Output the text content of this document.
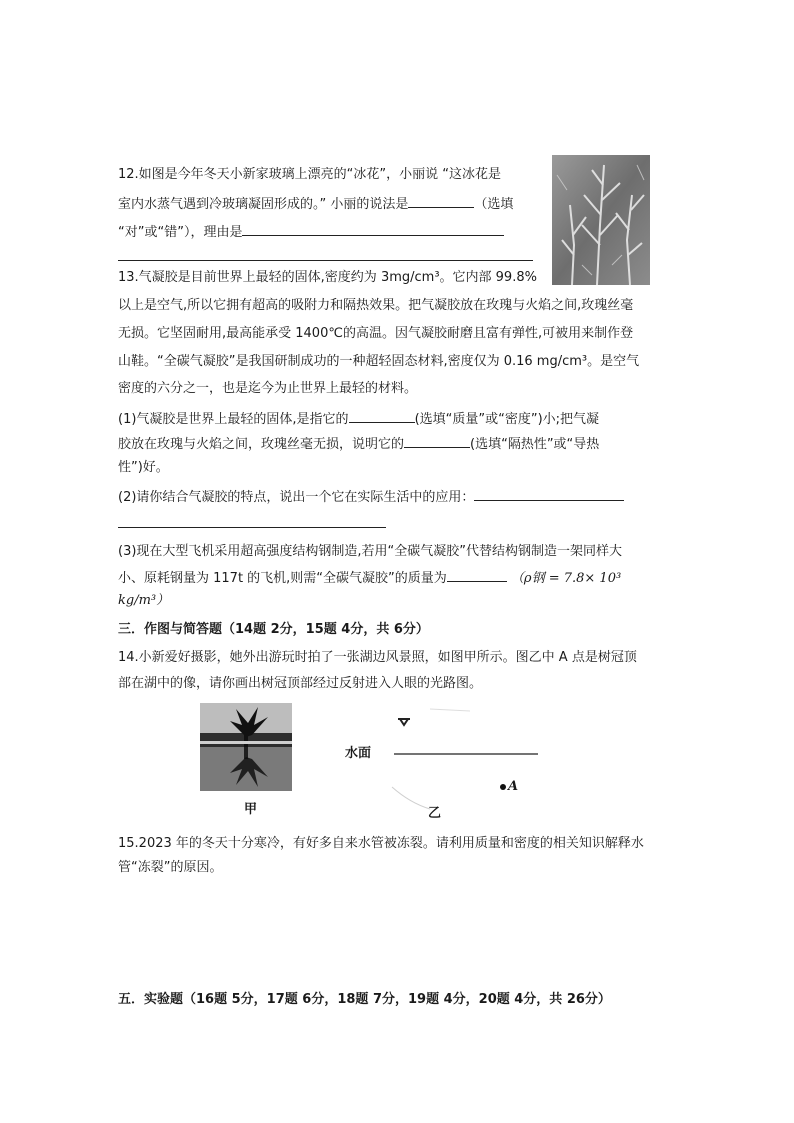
12.如图是今年冬天小新家玻璃上漂亮的“冰花”，小丽说 “这冰花是
室内水蒸气遇到冷玻璃凝固形成的。” 小丽的说法是	（选填
“对”或“错”），理由是
13.气凝胶是目前世界上最轻的固体,密度约为 3mg/cm³。它内部 99.8%
以上是空气,所以它拥有超高的吸附力和隔热效果。把气凝胶放在玫瑰与火焰之间,玫瑰丝毫
无损。它坚固耐用,最高能承受 1400℃的高温。因气凝胶耐磨且富有弹性,可被用来制作登
山鞋。“全碳气凝胶”是我国研制成功的一种超轻固态材料,密度仅为 0.16 mg/cm³。是空气
密度的六分之一，也是迄今为止世界上最轻的材料。
(1)气凝胶是世界上最轻的固体,是指它的	(选填“质量”或“密度”)小;把气凝
胶放在玫瑰与火焰之间，玫瑰丝毫无损，说明它的	(选填“隔热性”或“导热
性”)好。
(2)请你结合气凝胶的特点，说出一个它在实际生活中的应用：
(3)现在大型飞机采用超高强度结构钢制造,若用“全碳气凝胶”代替结构钢制造一架同样大
小、原耗钢量为 117t 的飞机,则需“全碳气凝胶”的质量为	（ρ钢 = 7.8× 10³
kg/m³）
三．作图与简答题（14题 2分，15题 4分，共 6分）
14.小新爱好摄影，她外出游玩时拍了一张湖边风景照，如图甲所示。图乙中 A 点是树冠顶
部在湖中的像，请你画出树冠顶部经过反射进入人眼的光路图。
甲
水面
A
乙
15.2023 年的冬天十分寒冷，有好多自来水管被冻裂。请利用质量和密度的相关知识解释水
管“冻裂”的原因。
五．实验题（16题 5分，17题 6分，18题 7分，19题 4分，20题 4分，共 26分）
